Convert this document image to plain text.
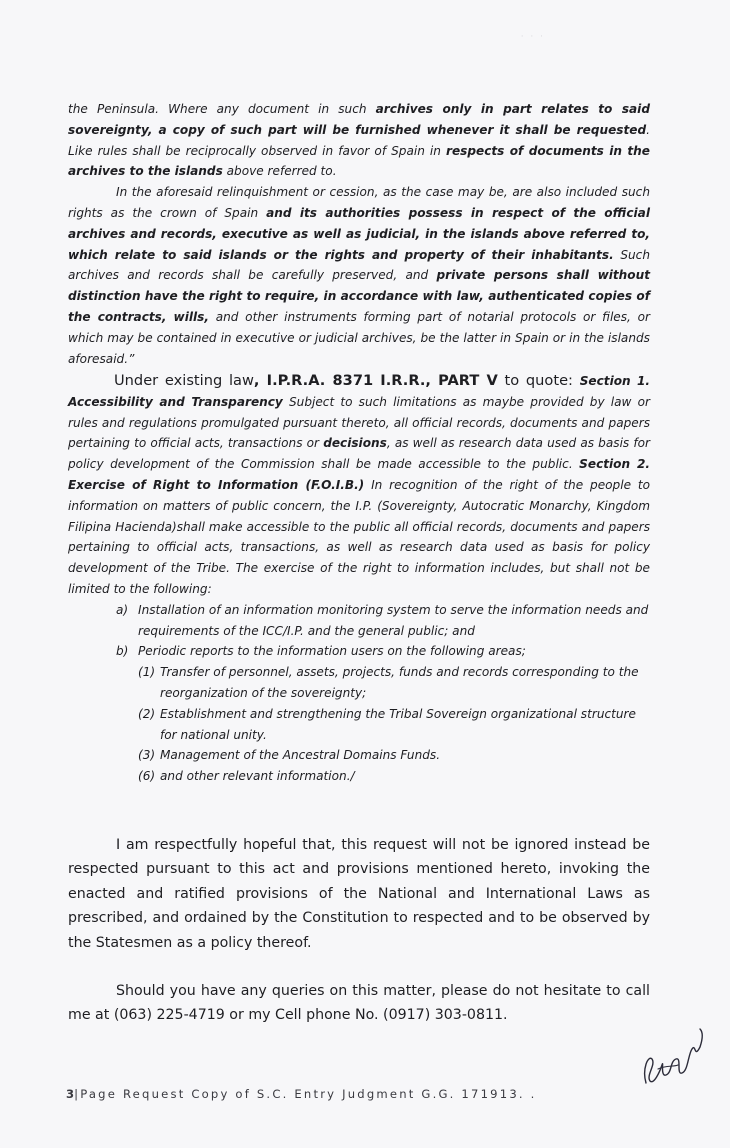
the Peninsula. Where any document in such archives only in part relates to said sovereignty, a copy of such part will be furnished whenever it shall be requested. Like rules shall be reciprocally observed in favor of Spain in respects of documents in the archives to the islands above referred to.

In the aforesaid relinquishment or cession, as the case may be, are also included such rights as the crown of Spain and its authorities possess in respect of the official archives and records, executive as well as judicial, in the islands above referred to, which relate to said islands or the rights and property of their inhabitants. Such archives and records shall be carefully preserved, and private persons shall without distinction have the right to require, in accordance with law, authenticated copies of the contracts, wills, and other instruments forming part of notarial protocols or files, or which may be contained in executive or judicial archives, be the latter in Spain or in the islands aforesaid.”

Under existing law, I.P.R.A. 8371 I.R.R., PART V to quote: Section 1. Accessibility and Transparency Subject to such limitations as maybe provided by law or rules and regulations promulgated pursuant thereto, all official records, documents and papers pertaining to official acts, transactions or decisions, as well as research data used as basis for policy development of the Commission shall be made accessible to the public. Section 2. Exercise of Right to Information (F.O.I.B.) In recognition of the right of the people to information on matters of public concern, the I.P. (Sovereignty, Autocratic Monarchy, Kingdom Filipina Hacienda)shall make accessible to the public all official records, documents and papers pertaining to official acts, transactions, as well as research data used as basis for policy development of the Tribe. The exercise of the right to information includes, but shall not be limited to the following:

a) Installation of an information monitoring system to serve the information needs and requirements of the ICC/I.P. and the general public; and
b) Periodic reports to the information users on the following areas;
(1) Transfer of personnel, assets, projects, funds and records corresponding to the reorganization of the sovereignty;
(2) Establishment and strengthening the Tribal Sovereign organizational structure for national unity.
(3) Management of the Ancestral Domains Funds.
(6) and other relevant information./

I am respectfully hopeful that, this request will not be ignored instead be respected pursuant to this act and provisions mentioned hereto, invoking the enacted and ratified provisions of the National and International Laws as prescribed, and ordained by the Constitution to respected and to be observed by the Statesmen as a policy thereof.

Should you have any queries on this matter, please do not hesitate to call me at (063) 225-4719 or my Cell phone No. (0917) 303-0811.

· · ·
3|Page Request Copy of S.C. Entry Judgment G.G. 171913. .
